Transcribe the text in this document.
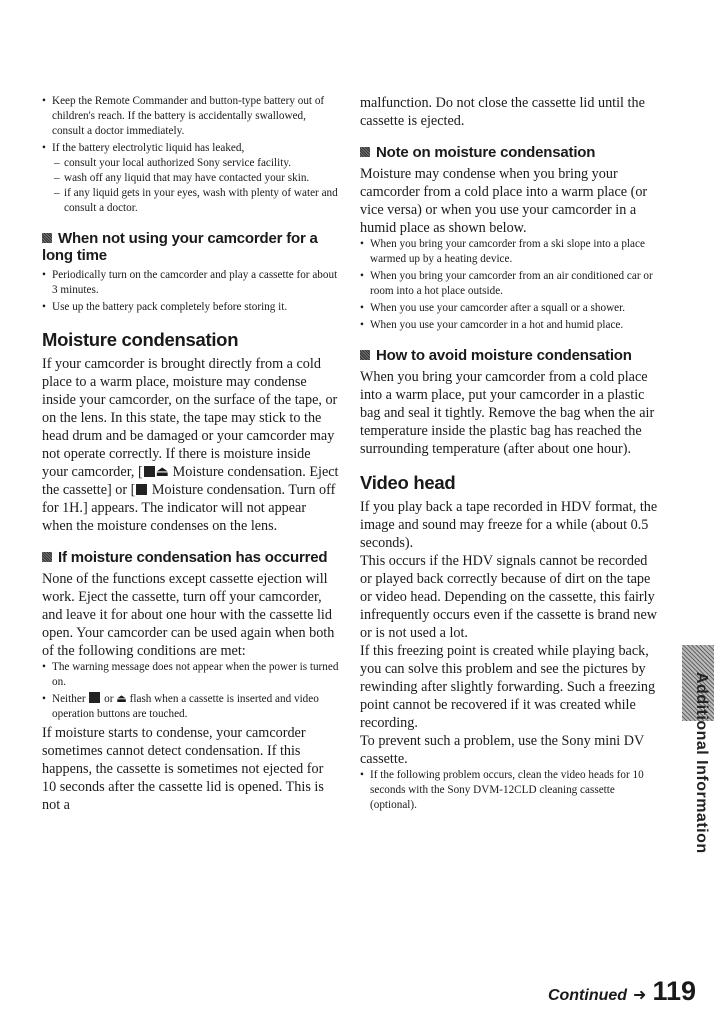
• Keep the Remote Commander and button-type battery out of children's reach. If the battery is accidentally swallowed, consult a doctor immediately.
• If the battery electrolytic liquid has leaked,
– consult your local authorized Sony service facility.
– wash off any liquid that may have contacted your skin.
– if any liquid gets in your eyes, wash with plenty of water and consult a doctor.
When not using your camcorder for a long time
• Periodically turn on the camcorder and play a cassette for about 3 minutes.
• Use up the battery pack completely before storing it.
Moisture condensation

If your camcorder is brought directly from a cold place to a warm place, moisture may condense inside your camcorder, on the surface of the tape, or on the lens. In this state, the tape may stick to the head drum and be damaged or your camcorder may not operate correctly. If there is moisture inside your camcorder, [ ⏏ Moisture condensation. Eject the cassette] or [ Moisture condensation. Turn off for 1H.] appears. The indicator will not appear when the moisture condenses on the lens.

If moisture condensation has occurred

None of the functions except cassette ejection will work. Eject the cassette, turn off your camcorder, and leave it for about one hour with the cassette lid open. Your camcorder can be used again when both of the following conditions are met:

• The warning message does not appear when the power is turned on.
• Neither  or ⏏ flash when a cassette is inserted and video operation buttons are touched.

If moisture starts to condense, your camcorder sometimes cannot detect condensation. If this happens, the cassette is sometimes not ejected for 10 seconds after the cassette lid is opened. This is not a

malfunction. Do not close the cassette lid until the cassette is ejected.

Note on moisture condensation

Moisture may condense when you bring your camcorder from a cold place into a warm place (or vice versa) or when you use your camcorder in a humid place as shown below.

• When you bring your camcorder from a ski slope into a place warmed up by a heating device.
• When you bring your camcorder from an air conditioned car or room into a hot place outside.
• When you use your camcorder after a squall or a shower.
• When you use your camcorder in a hot and humid place.
How to avoid moisture condensation

When you bring your camcorder from a cold place into a warm place, put your camcorder in a plastic bag and seal it tightly. Remove the bag when the air temperature inside the plastic bag has reached the surrounding temperature (after about one hour).

Video head

If you play back a tape recorded in HDV format, the image and sound may freeze for a while (about 0.5 seconds).

This occurs if the HDV signals cannot be recorded or played back correctly because of dirt on the tape or video head. Depending on the cassette, this fairly infrequently occurs even if the cassette is brand new or is not used a lot.

If this freezing point is created while playing back, you can solve this problem and see the pictures by rewinding after slightly forwarding. Such a freezing point cannot be recovered if it was created while recording.

To prevent such a problem, use the Sony mini DV cassette.

• If the following problem occurs, clean the video heads for 10 seconds with the Sony DVM-12CLD cleaning cassette (optional).	Additional Information
Continued ➜ 119
